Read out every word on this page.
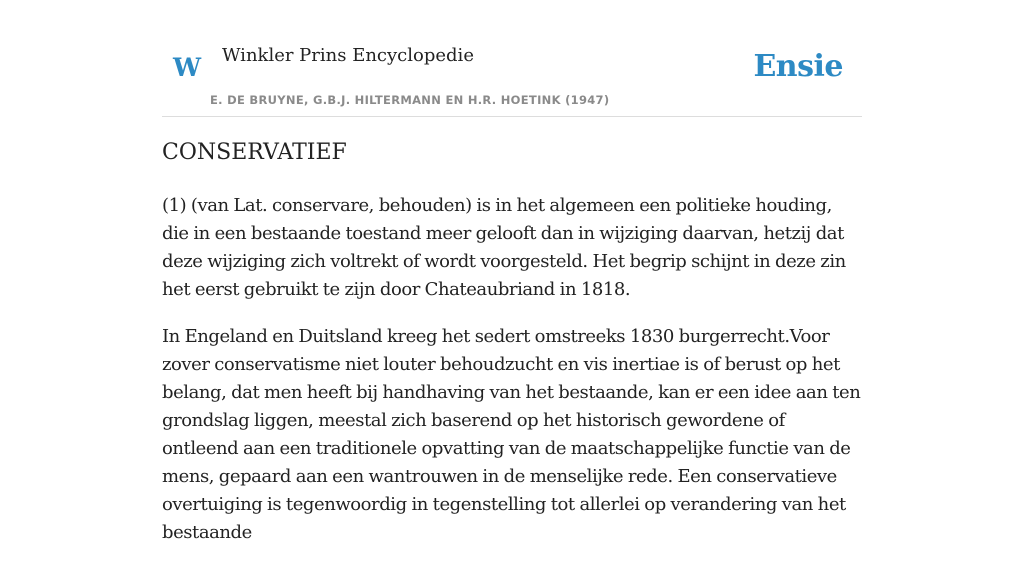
W Winkler Prins Encyclopedie
E. DE BRUYNE, G.B.J. HILTERMANN EN H.R. HOETINK (1947)
Ensie
CONSERVATIEF

(1) (van Lat. conservare, behouden) is in het algemeen een politieke houding, die in een bestaande toestand meer gelooft dan in wijziging daarvan, hetzij dat deze wijziging zich voltrekt of wordt voorgesteld. Het begrip schijnt in deze zin het eerst gebruikt te zijn door Chateaubriand in 1818.

In Engeland en Duitsland kreeg het sedert omstreeks 1830 burgerrecht.Voor zover conservatisme niet louter behoudzucht en vis inertiae is of berust op het belang, dat men heeft bij handhaving van het bestaande, kan er een idee aan ten grondslag liggen, meestal zich baserend op het historisch gewordene of ontleend aan een traditionele opvatting van de maatschappelijke functie van de mens, gepaard aan een wantrouwen in de menselijke rede. Een conservatieve overtuiging is tegenwoordig in tegenstelling tot allerlei op verandering van het bestaande
